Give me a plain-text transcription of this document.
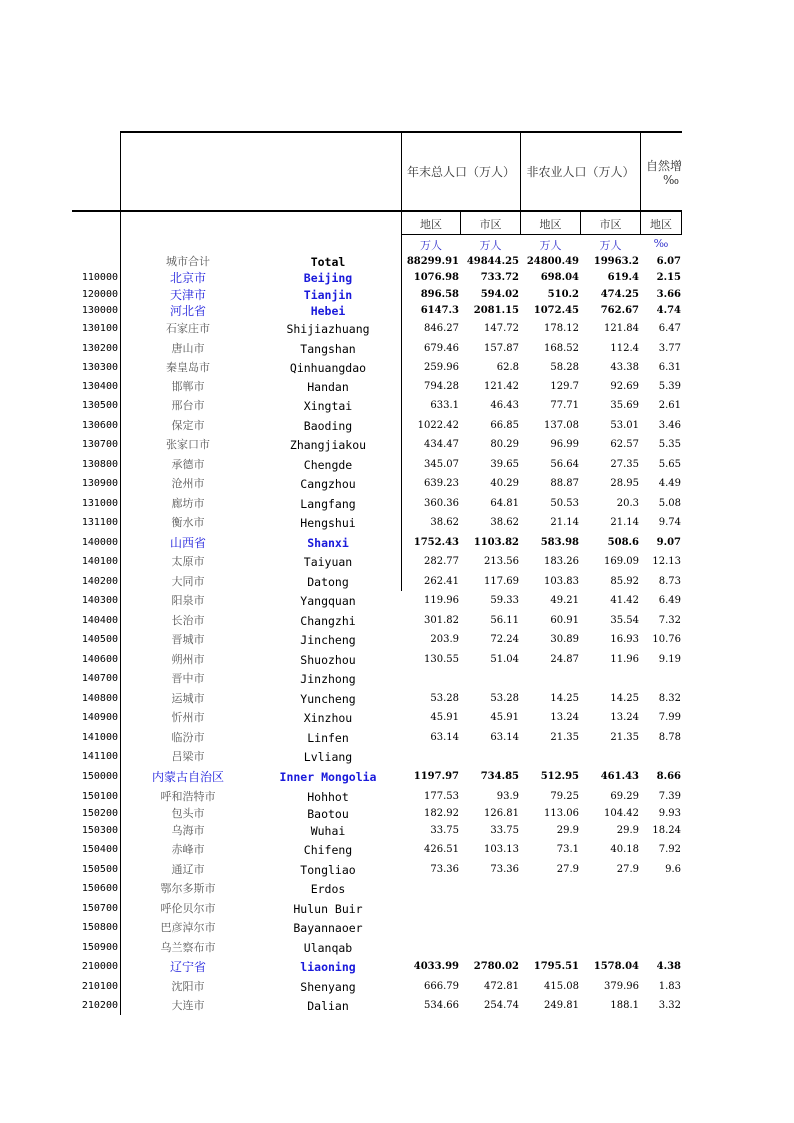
年末总人口（万人） 非农业人口（万人） 自然增
‰
地区	市区	地区	市区	地区
万人	万人	万人	万人	‰
城市合计	Total	88299.91 49844.25 24800.49	19963.2	6.07
110000	北京市	Beijing	1076.98	733.72	698.04	619.4	2.15
120000	天津市	Tianjin	896.58	594.02	510.2	474.25	3.66
130000	河北省	Hebei	6147.3	2081.15	1072.45	762.67	4.74
130100	石家庄市	Shijiazhuang	846.27	147.72	178.12	121.84	6.47
130200	唐山市	Tangshan	679.46	157.87	168.52	112.4	3.77
130300	秦皇岛市	Qinhuangdao	259.96	62.8	58.28	43.38	6.31
130400	邯郸市	Handan	794.28	121.42	129.7	92.69	5.39
130500	邢台市	Xingtai	633.1	46.43	77.71	35.69	2.61
130600	保定市	Baoding	1022.42	66.85	137.08	53.01	3.46
130700	张家口市	Zhangjiakou	434.47	80.29	96.99	62.57	5.35
130800	承德市	Chengde	345.07	39.65	56.64	27.35	5.65
130900	沧州市	Cangzhou	639.23	40.29	88.87	28.95	4.49
131000	廊坊市	Langfang	360.36	64.81	50.53	20.3	5.08
131100	衡水市	Hengshui	38.62	38.62	21.14	21.14	9.74
140000	山西省	Shanxi	1752.43	1103.82	583.98	508.6	9.07
140100	太原市	Taiyuan	282.77	213.56	183.26	169.09	12.13
140200	大同市	Datong	262.41	117.69	103.83	85.92	8.73
140300	阳泉市	Yangquan	119.96	59.33	49.21	41.42	6.49
140400	长治市	Changzhi	301.82	56.11	60.91	35.54	7.32
140500	晋城市	Jincheng	203.9	72.24	30.89	16.93	10.76
140600	朔州市	Shuozhou	130.55	51.04	24.87	11.96	9.19
140700	晋中市	Jinzhong
140800	运城市	Yuncheng	53.28	53.28	14.25	14.25	8.32
140900	忻州市	Xinzhou	45.91	45.91	13.24	13.24	7.99
141000	临汾市	Linfen	63.14	63.14	21.35	21.35	8.78
141100	吕梁市	Lvliang
150000	内蒙古自治区	Inner Mongolia	1197.97	734.85	512.95	461.43	8.66
150100	呼和浩特市	Hohhot	177.53	93.9	79.25	69.29	7.39
150200	包头市	Baotou	182.92	126.81	113.06	104.42	9.93
150300	乌海市	Wuhai	33.75	33.75	29.9	29.9	18.24
150400	赤峰市	Chifeng	426.51	103.13	73.1	40.18	7.92
150500	通辽市	Tongliao	73.36	73.36	27.9	27.9	9.6
150600	鄂尔多斯市	Erdos
150700	呼伦贝尔市	Hulun Buir
150800	巴彦淖尔市	Bayannaoer
150900	乌兰察布市	Ulanqab
210000	辽宁省	liaoning	4033.99	2780.02	1795.51	1578.04	4.38
210100	沈阳市	Shenyang	666.79	472.81	415.08	379.96	1.83
210200	大连市	Dalian	534.66	254.74	249.81	188.1	3.32
